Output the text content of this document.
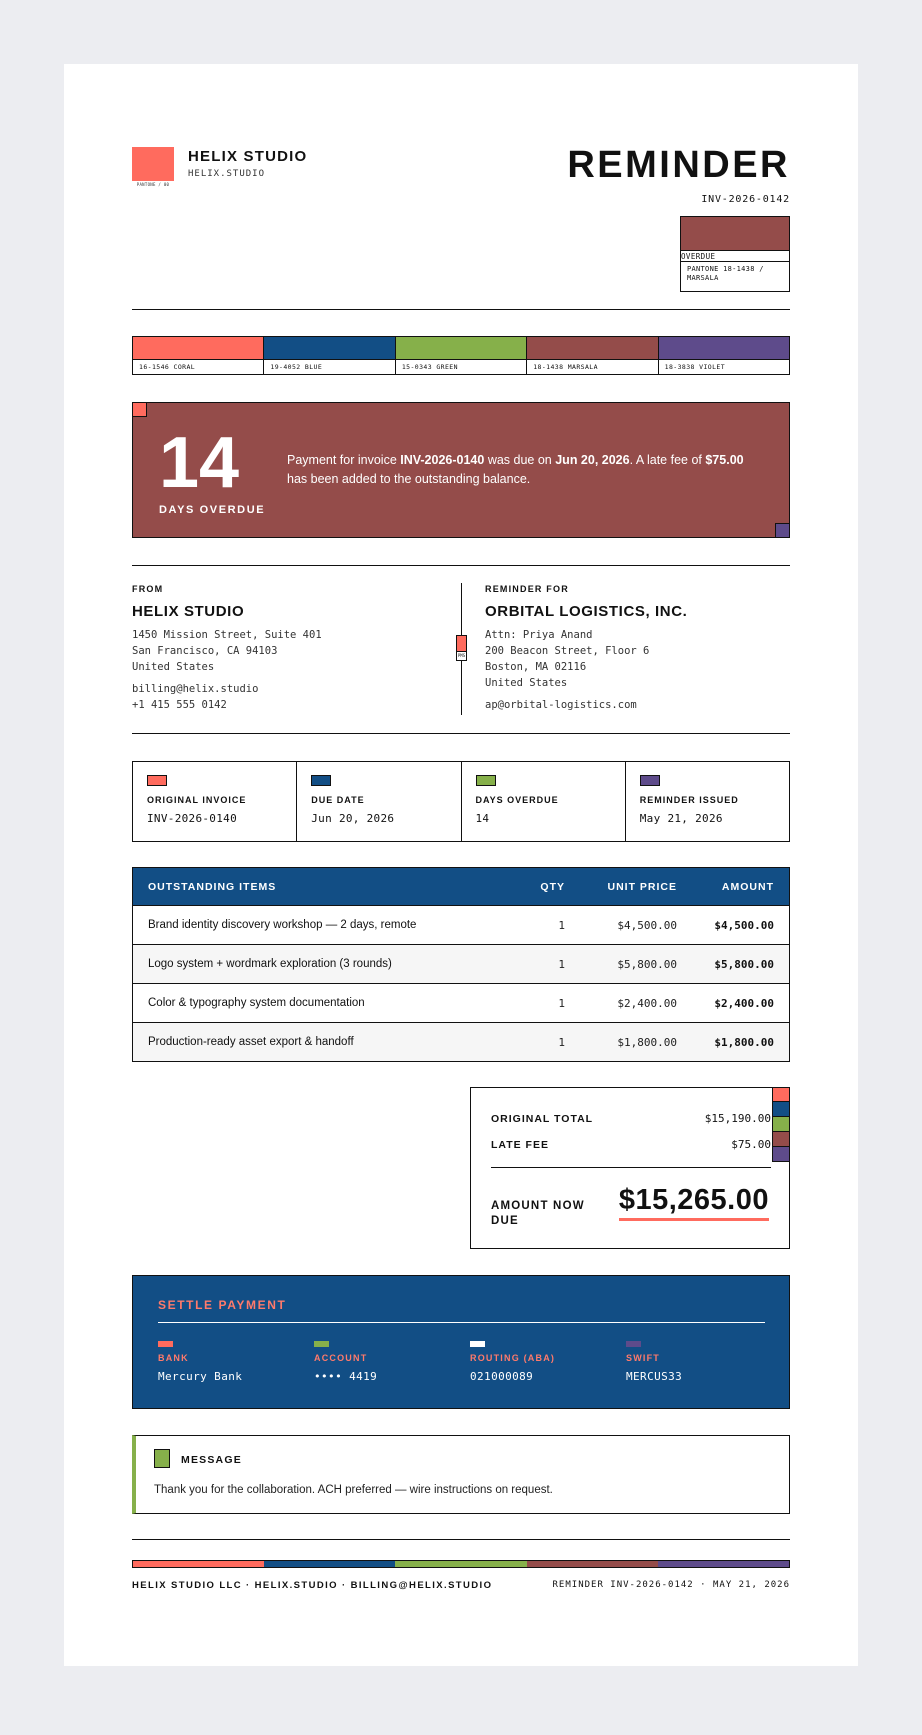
PANTONE / 00
HELIX STUDIO
HELIX.STUDIO	REMINDER
INV-2026-0142
OVERDUE
PANTONE 18-1438 / MARSALA
16-1546 CORAL	19-4052 BLUE	15-0343 GREEN	18-1438 MARSALA	18-3838 VIOLET
14
DAYS OVERDUE
Payment for invoice INV-2026-0140 was due on Jun 20, 2026. A late fee of $75.00 has been added to the outstanding balance.
FROM
HELIX STUDIO
1450 Mission Street, Suite 401
San Francisco, CA 94103
United States
billing@helix.studio
+1 415 555 0142
PMS
REMINDER FOR
ORBITAL LOGISTICS, INC.
Attn: Priya Anand
200 Beacon Street, Floor 6
Boston, MA 02116
United States
ap@orbital-logistics.com
ORIGINAL INVOICE
INV-2026-0140
DUE DATE
Jun 20, 2026
DAYS OVERDUE
14
REMINDER ISSUED
May 21, 2026
OUTSTANDING ITEMS	QTY	UNIT PRICE	AMOUNT
Brand identity discovery workshop — 2 days, remote	1	$4,500.00	$4,500.00
Logo system + wordmark exploration (3 rounds)	1	$5,800.00	$5,800.00
Color & typography system documentation	1	$2,400.00	$2,400.00
Production-ready asset export & handoff	1	$1,800.00	$1,800.00
ORIGINAL TOTAL	$15,190.00
LATE FEE	$75.00
AMOUNT NOW
DUE
$15,265.00
SETTLE PAYMENT
BANK
Mercury Bank
ACCOUNT
•••• 4419
ROUTING (ABA)
021000089
SWIFT
MERCUS33
MESSAGE
Thank you for the collaboration. ACH preferred — wire instructions on request.
HELIX STUDIO LLC · HELIX.STUDIO · BILLING@HELIX.STUDIO	REMINDER INV-2026-0142 · MAY 21, 2026
